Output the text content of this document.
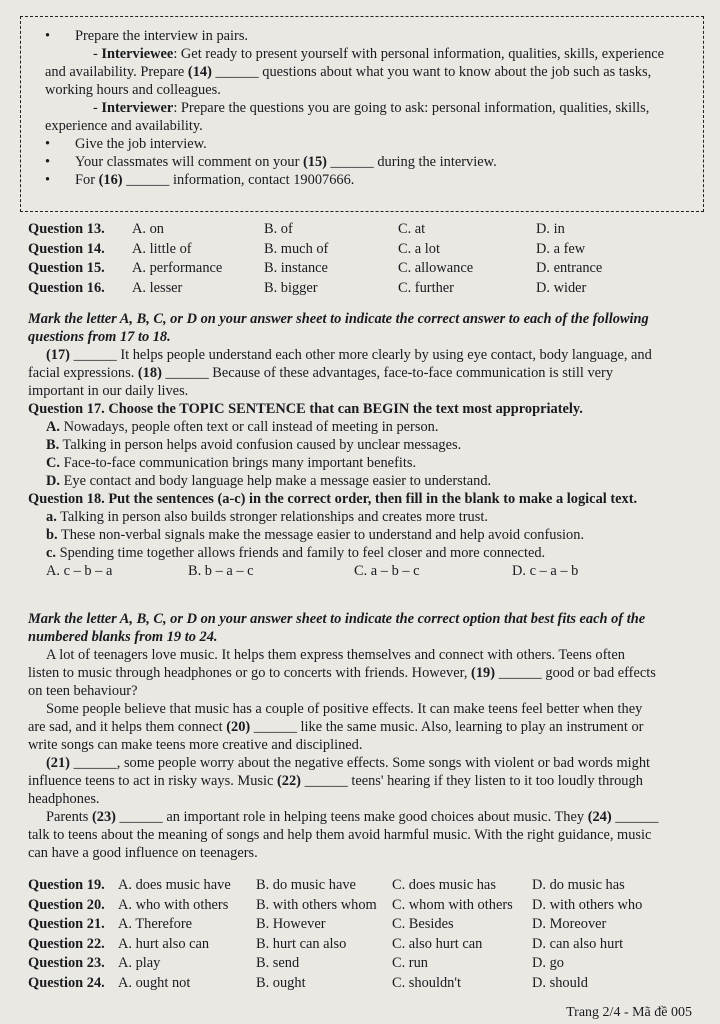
• Prepare the interview in pairs.
- Interviewee: Get ready to present yourself with personal information, qualities, skills, experience
and availability. Prepare (14) ______ questions about what you want to know about the job such as tasks,
working hours and colleagues.
- Interviewer: Prepare the questions you are going to ask: personal information, qualities, skills,
experience and availability.
• Give the job interview.
• Your classmates will comment on your (15) ______ during the interview.
• For (16) ______ information, contact 19007666.
Question 13. A. on	B. of	C. at	D. in
Question 14. A. little of	B. much of	C. a lot	D. a few
Question 15. A. performance	B. instance	C. allowance	D. entrance
Question 16. A. lesser	B. bigger	C. further	D. wider

Mark the letter A, B, C, or D on your answer sheet to indicate the correct answer to each of the following

questions from 17 to 18.

(17) ______ It helps people understand each other more clearly by using eye contact, body language, and

facial expressions. (18) ______ Because of these advantages, face-to-face communication is still very

important in our daily lives.

Question 17. Choose the TOPIC SENTENCE that can BEGIN the text most appropriately.

A. Nowadays, people often text or call instead of meeting in person.

B. Talking in person helps avoid confusion caused by unclear messages.

C. Face-to-face communication brings many important benefits.

D. Eye contact and body language help make a message easier to understand.

Question 18. Put the sentences (a-c) in the correct order, then fill in the blank to make a logical text.

a. Talking in person also builds stronger relationships and creates more trust.

b. These non-verbal signals make the message easier to understand and help avoid confusion.

c. Spending time together allows friends and family to feel closer and more connected.

A. c – b – a	B. b – a – c	C. a – b – c	D. c – a – b

Mark the letter A, B, C, or D on your answer sheet to indicate the correct option that best fits each of the

numbered blanks from 19 to 24.

A lot of teenagers love music. It helps them express themselves and connect with others. Teens often

listen to music through headphones or go to concerts with friends. However, (19) ______ good or bad effects

on teen behaviour?

Some people believe that music has a couple of positive effects. It can make teens feel better when they

are sad, and it helps them connect (20) ______ like the same music. Also, learning to play an instrument or

write songs can make teens more creative and disciplined.

(21) ______, some people worry about the negative effects. Some songs with violent or bad words might

influence teens to act in risky ways. Music (22) ______ teens' hearing if they listen to it too loudly through

headphones.

Parents (23) ______ an important role in helping teens make good choices about music. They (24) ______

talk to teens about the meaning of songs and help them avoid harmful music. With the right guidance, music

can have a good influence on teenagers.

Question 19. A. does music have B. do music have	C. does music has	D. do music has
Question 20. A. who with others B. with others whom C. whom with others D. with others who
Question 21. A. Therefore	B. However	C. Besides	D. Moreover
Question 22. A. hurt also can	B. hurt can also	C. also hurt can	D. can also hurt
Question 23. A. play	B. send	C. run	D. go
Question 24. A. ought not	B. ought	C. shouldn't	D. should
Trang 2/4 - Mã đề 005
